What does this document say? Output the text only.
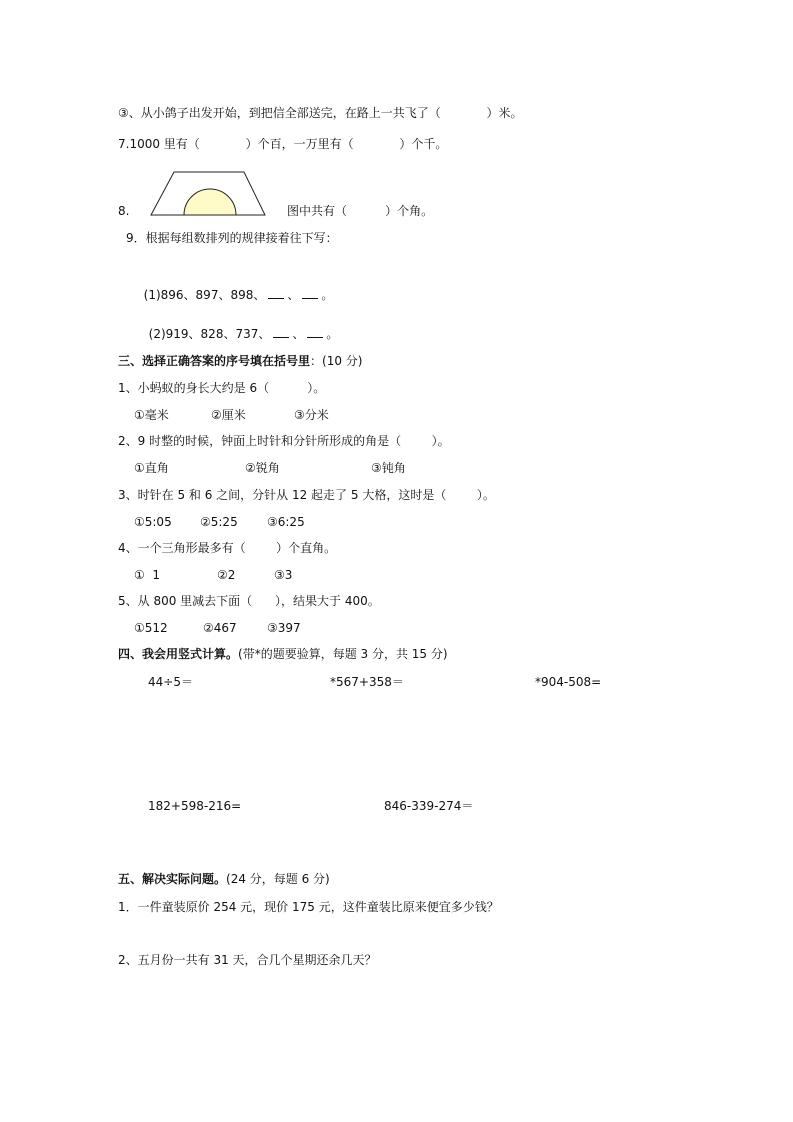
③、从小鸽子出发开始，到把信全部送完，在路上一共飞了（            ）米。
7.1000 里有（            ）个百，一万里有（            ）个千。
8.	图中共有（          ）个角。
9．根据每组数排列的规律接着往下写：

(1)896、897、898、 、 。

(2)919、828、737、 、 。

三、选择正确答案的序号填在括号里：(10 分)
1、小蚂蚁的身长大约是 6（          ）。
①毫米	②厘米	③分米
2、9 时整的时候，钟面上时针和分针所形成的角是（        ）。
①直角	②锐角	③钝角
3、时针在 5 和 6 之间，分针从 12 起走了 5 大格，这时是（        ）。
①5:05 ②5:25 ③6:25
4、一个三角形最多有（        ）个直角。
①  1	②2	③3
5、从 800 里减去下面（      ），结果大于 400。
①512	②467	③397
四、我会用竖式计算。(带*的题要验算，每题 3 分，共 15 分)
44÷5＝	*567+358＝	*904-508=
182+598-216=	846-339-274＝
五、解决实际问题。(24 分，每题 6 分)
1．一件童装原价 254 元，现价 175 元，这件童装比原来便宜多少钱？
2、五月份一共有 31 天，合几个星期还余几天？
